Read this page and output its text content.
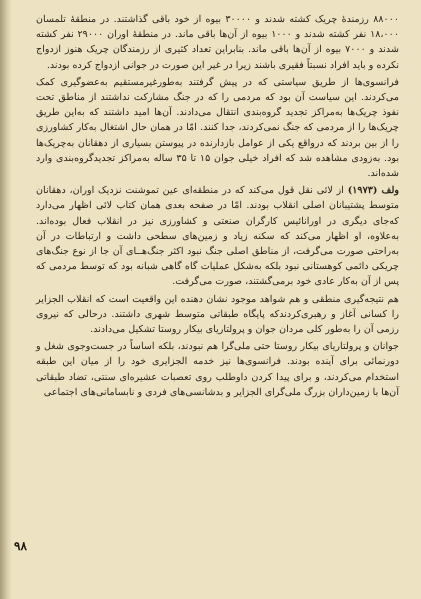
۸۸۰۰۰ رزمندهٔ چریک کشته شدند و ۳۰۰۰۰ بیوه از خود باقی گذاشتند. در منطقهٔ تلمسان ۱۸،۰۰۰ نفر کشته شدند و ۱۰۰۰ بیوه از آن‌ها باقی ماند. در منطقهٔ اوران ۲۹۰۰۰ نفر کشته شدند و ۷۰۰۰ بیوه از آن‌ها باقی ماند. بنابراین تعداد کثیری از رزمندگان چریک هنوز ازدواج نکرده و باید افراد نسبتاً فقیری باشند زیرا در غیر این صورت در جوانی ازدواج کرده بودند.

فرانسوی‌ها از طریق سیاستی که در پیش گرفتند به‌طورغیرمستقیم به‌عضوگیری کمک می‌کردند. این سیاست آن بود که مردمی را که در جنگ مشارکت نداشتند از مناطق تحت نفوذ چریک‌ها به‌مراکز تجدید گروه‌بندی انتقال می‌دادند. آن‌ها امید داشتند که به‌این طریق چریک‌ها را از مردمی که جنگ نمی‌کردند، جدا کنند. امّا در همان حال اشتغال به‌کار کشاورزی را از بین بردند که درواقع یکی از عوامل بازدارنده در پیوستن بسیاری از دهقانان به‌چریک‌ها بود. بەزودی مشاهده شد که افراد خیلی جوان ۱۵ تا ۳۵ ساله به‌مراکز تجدیدگروه‌بندی وارد شده‌اند.

ولف (۱۹۷۳) از لائی نقل قول می‌کند که در منطقه‌ای عین تموشنت نزدیک اوران، دهقانان متوسط پشتیبانان اصلی انقلاب بودند. امّا در صفحه بعدی همان کتاب لائی اظهار می‌دارد که‌جای دیگری در اورانائیس کارگران صنعتی و کشاورزی نیز در انقلاب فعال بوده‌اند. به‌علاوه، او اظهار می‌کند که سکنه زیاد و زمین‌های سطحی داشت و ارتباطات در آن به‌راحتی صورت می‌گرفت، از مناطق اصلی جنگ نبود اکثر جنگ‌هــای آن جا از نوع جنگ‌های چریکی دائمی کوهستانی نبود بلکه به‌شکل عملیات گاه گاهی شبانه بود که توسط مردمی که پس از آن به‌کار عادی خود برمی‌گشتند، صورت می‌گرفت.

هم نتیجه‌گیری منطقی و هم شواهد موجود نشان دهنده این واقعیت است که انقلاب الجزایر را کسانی آغاز و رهبری‌کردندکه پایگاه طبقاتی متوسط شهری داشتند. درحالی که نیروی رزمی آن را به‌طور کلی مردان جوان و پرولتاریای بیکار روستا تشکیل می‌دادند.

جوانان و پرولتاریای بیکار روستا حتی ملی‌گرا هم نبودند، بلکه اساساً در جست‌وجوی شغل و دورنمائی برای آینده بودند. فرانسوی‌ها نیز خدمه الجزایری خود را از میان این طبقه استخدام می‌کردند، و برای پیدا کردن داوطلب روی تعصبات عشیره‌ای سنتی، تضاد طبقاتی آن‌ها با زمین‌داران بزرگ ملی‌گرای الجزایر و بدشانسی‌های فردی و نابسامانی‌های اجتماعی

۹۸
